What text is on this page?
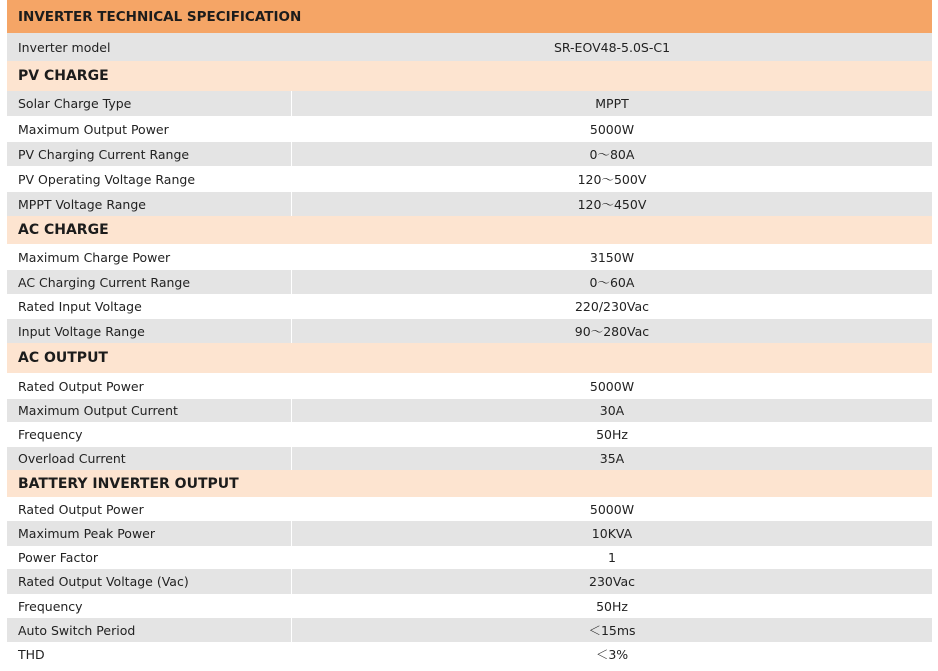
INVERTER TECHNICAL SPECIFICATION
Inverter model	SR-EOV48-5.0S-C1
PV CHARGE
Solar Charge Type	MPPT
Maximum Output Power	5000W
PV Charging Current Range	0～80A
PV Operating Voltage Range	120～500V
MPPT Voltage Range	120～450V
AC CHARGE
Maximum Charge Power	3150W
AC Charging Current Range	0～60A
Rated Input Voltage	220/230Vac
Input Voltage Range	90～280Vac
AC OUTPUT
Rated Output Power	5000W
Maximum Output Current	30A
Frequency	50Hz
Overload Current	35A
BATTERY INVERTER OUTPUT
Rated Output Power	5000W
Maximum Peak Power	10KVA
Power Factor	1
Rated Output Voltage (Vac)	230Vac
Frequency	50Hz
Auto Switch Period	＜15ms
THD	＜3%
